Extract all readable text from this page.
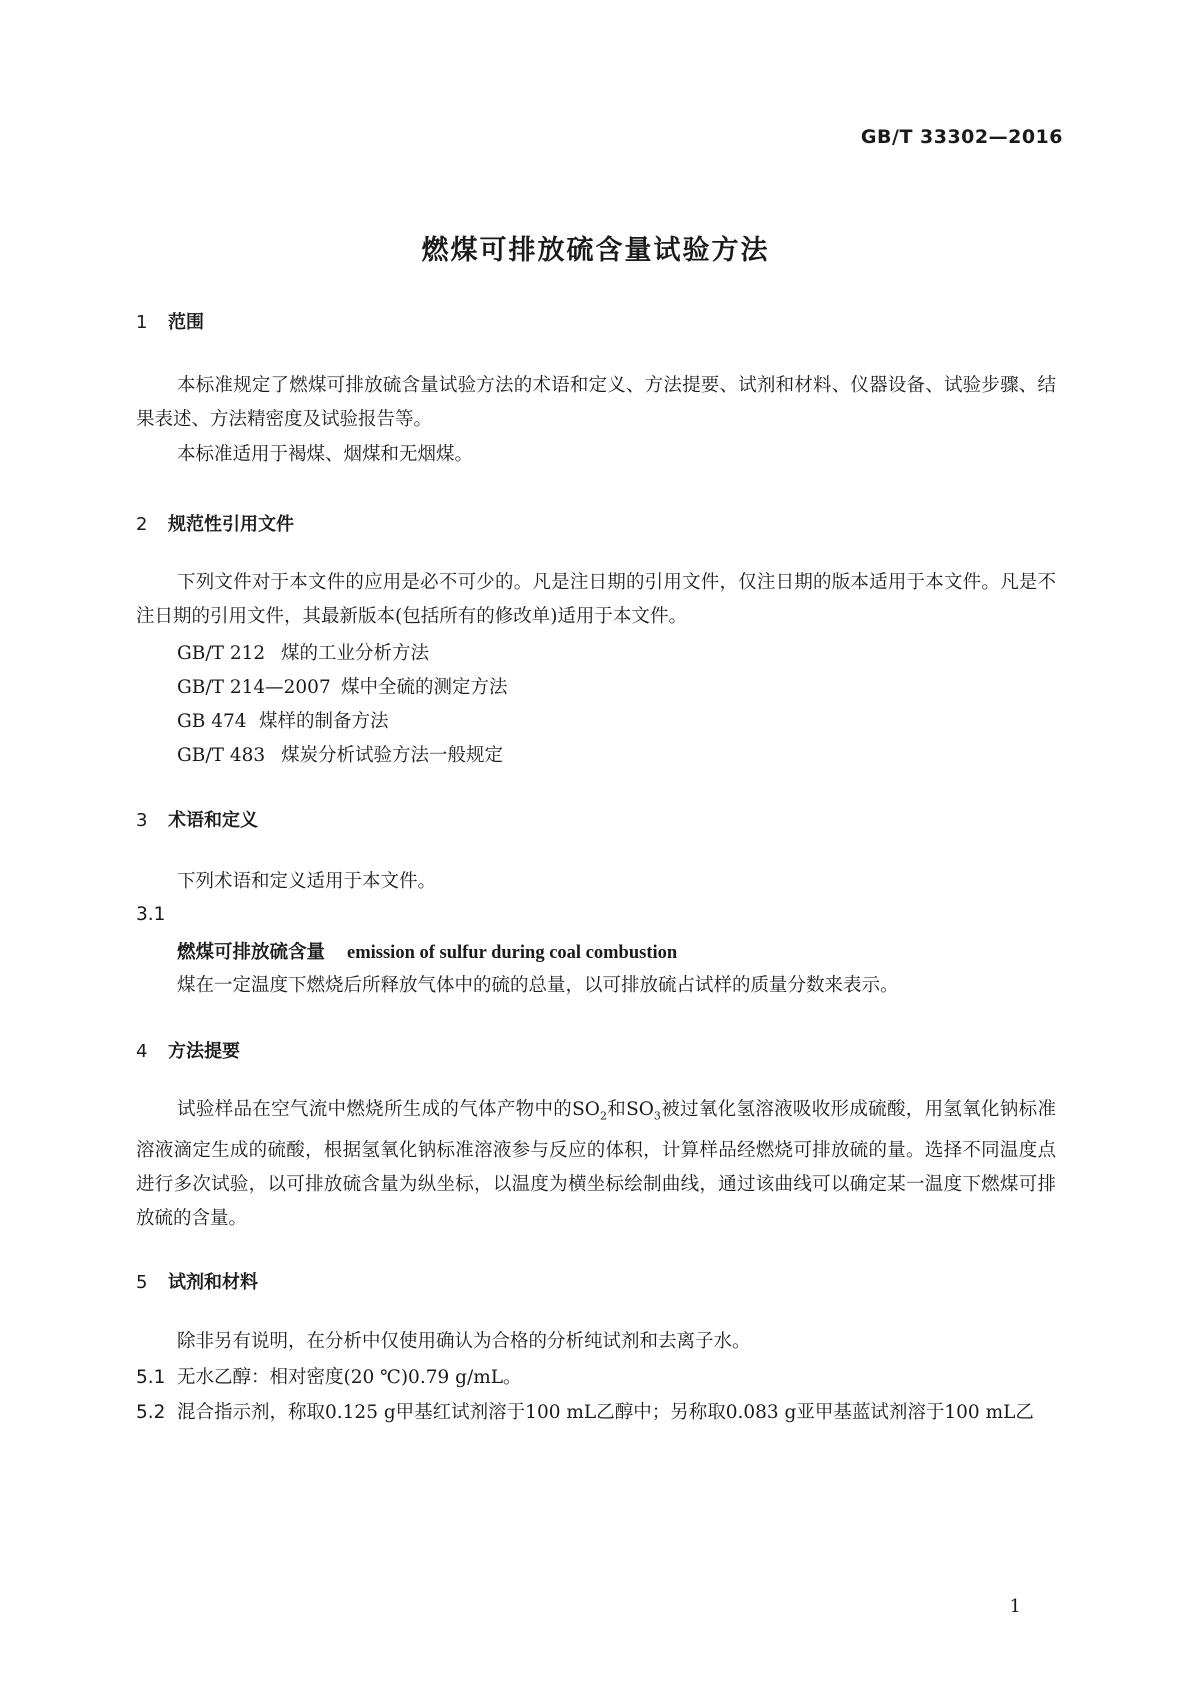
GB/T 33302—2016
燃煤可排放硫含量试验方法
1 范围
本标准规定了燃煤可排放硫含量试验方法的术语和定义、方法提要、试剂和材料、仪器设备、试验步骤、结果表述、方法精密度及试验报告等。
本标准适用于褐煤、烟煤和无烟煤。
2 规范性引用文件
下列文件对于本文件的应用是必不可少的。凡是注日期的引用文件，仅注日期的版本适用于本文件。凡是不注日期的引用文件，其最新版本(包括所有的修改单)适用于本文件。
GB/T 212 煤的工业分析方法
GB/T 214—2007 煤中全硫的测定方法
GB 474 煤样的制备方法
GB/T 483 煤炭分析试验方法一般规定
3 术语和定义
下列术语和定义适用于本文件。
3.1
燃煤可排放硫含量 emission of sulfur during coal combustion
煤在一定温度下燃烧后所释放气体中的硫的总量，以可排放硫占试样的质量分数来表示。
4 方法提要
试验样品在空气流中燃烧所生成的气体产物中的$SO_2$和$SO_3$被过氧化氢溶液吸收形成硫酸，用氢氧化钠标准溶液滴定生成的硫酸，根据氢氧化钠标准溶液参与反应的体积，计算样品经燃烧可排放硫的量。选择不同温度点进行多次试验，以可排放硫含量为纵坐标，以温度为横坐标绘制曲线，通过该曲线可以确定某一温度下燃煤可排放硫的含量。
5 试剂和材料
除非另有说明，在分析中仅使用确认为合格的分析纯试剂和去离子水。
5.1 无水乙醇：相对密度(20 ℃)0.79 g/mL。
5.2 混合指示剂，称取0.125 g甲基红试剂溶于100 mL乙醇中；另称取0.083 g亚甲基蓝试剂溶于100 mL乙
1
